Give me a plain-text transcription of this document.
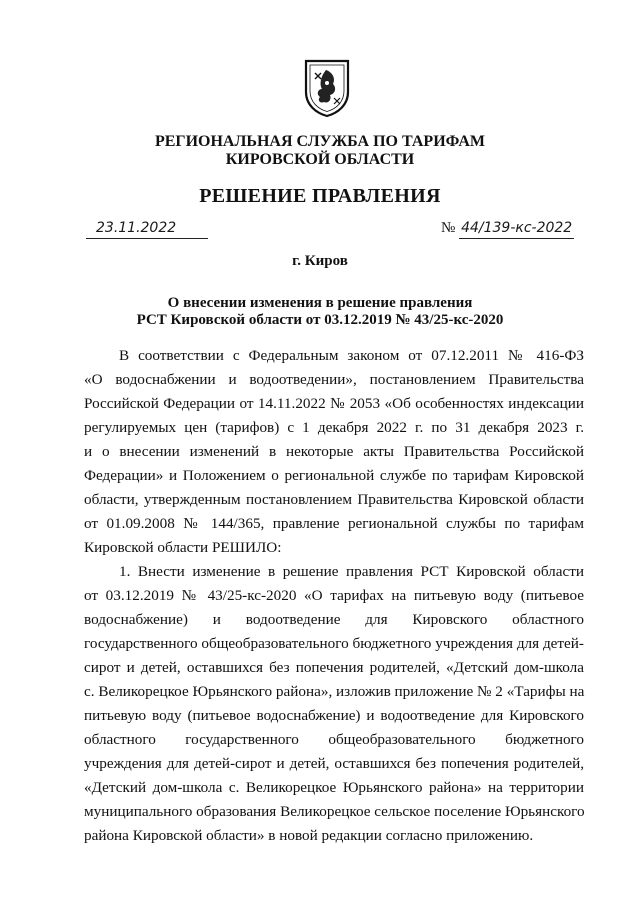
РЕГИОНАЛЬНАЯ СЛУЖБА ПО ТАРИФАМ
КИРОВСКОЙ ОБЛАСТИ
РЕШЕНИЕ ПРАВЛЕНИЯ
23.11.2022	№ 44/139-кс-2022
г. Киров
О внесении изменения в решение правления
РСТ Кировской области от 03.12.2019 № 43/25-кс-2020
В соответствии с Федеральным законом от 07.12.2011 № 416-ФЗ
«О водоснабжении и водоотведении», постановлением Правительства
Российской Федерации от 14.11.2022 № 2053 «Об особенностях индексации
регулируемых цен (тарифов) с 1 декабря 2022 г. по 31 декабря 2023 г.
и о внесении изменений в некоторые акты Правительства Российской
Федерации» и Положением о региональной службе по тарифам Кировской
области, утвержденным постановлением Правительства Кировской области
от 01.09.2008 № 144/365, правление региональной службы по тарифам
Кировской области РЕШИЛО:
1. Внести изменение в решение правления РСТ Кировской области
от 03.12.2019 № 43/25-кс-2020 «О тарифах на питьевую воду (питьевое
водоснабжение) и водоотведение для Кировского областного
государственного общеобразовательного бюджетного учреждения для детей-
сирот и детей, оставшихся без попечения родителей, «Детский дом-школа
с. Великорецкое Юрьянского района», изложив приложение № 2 «Тарифы на
питьевую воду (питьевое водоснабжение) и водоотведение для Кировского
областного государственного общеобразовательного бюджетного
учреждения для детей-сирот и детей, оставшихся без попечения родителей,
«Детский дом-школа с. Великорецкое Юрьянского района» на территории
муниципального образования Великорецкое сельское поселение Юрьянского
района Кировской области» в новой редакции согласно приложению.
